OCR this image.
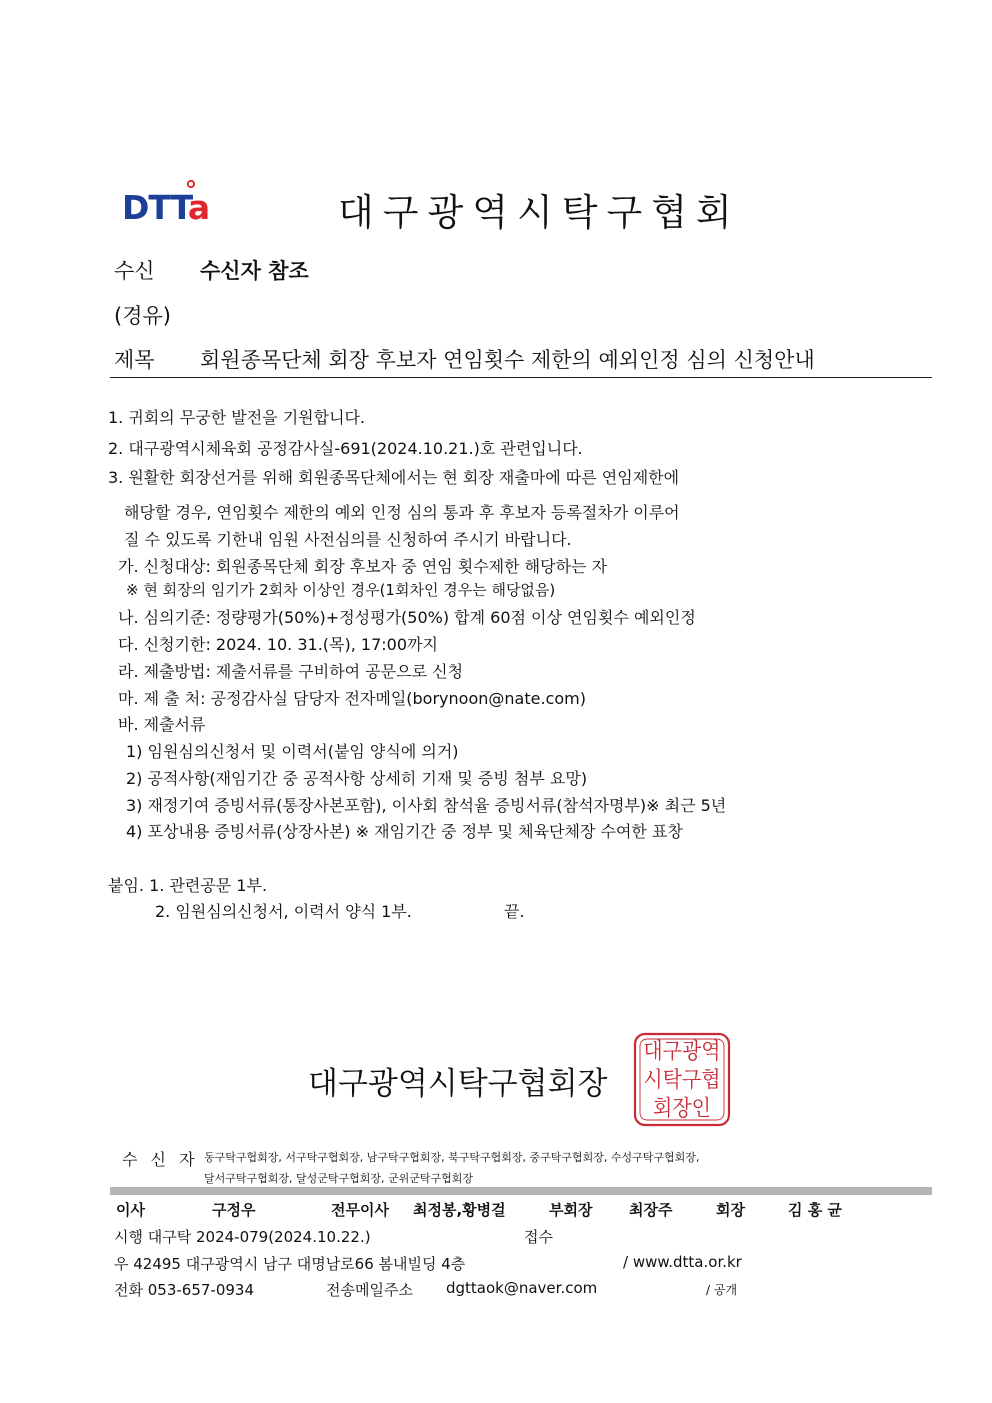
DTTa	대구광역시탁구협회
수신 수신자 참조
(경유)
제목 회원종목단체 회장 후보자 연임횟수 제한의 예외인정 심의 신청안내
1. 귀회의 무궁한 발전을 기원합니다.
2. 대구광역시체육회 공정감사실-691(2024.10.21.)호 관련입니다.
3. 원활한 회장선거를 위해 회원종목단체에서는 현 회장 재출마에 따른 연임제한에
해당할 경우, 연임횟수 제한의 예외 인정 심의 통과 후 후보자 등록절차가 이루어
질 수 있도록 기한내 임원 사전심의를 신청하여 주시기 바랍니다.
가. 신청대상: 회원종목단체 회장 후보자 중 연임 횟수제한 해당하는 자
※ 현 회장의 임기가 2회차 이상인 경우(1회차인 경우는 해당없음)
나. 심의기준: 정량평가(50%)+정성평가(50%) 합계 60점 이상 연임횟수 예외인정
다. 신청기한: 2024. 10. 31.(목), 17:00까지
라. 제출방법: 제출서류를 구비하여 공문으로 신청
마. 제 출 처: 공정감사실 담당자 전자메일(borynoon@nate.com)
바. 제출서류
1) 임원심의신청서 및 이력서(붙임 양식에 의거)
2) 공적사항(재임기간 중 공적사항 상세히 기재 및 증빙 첨부 요망)
3) 재정기여 증빙서류(통장사본포함), 이사회 참석율 증빙서류(참석자명부)※ 최근 5년
4) 포상내용 증빙서류(상장사본) ※ 재임기간 중 정부 및 체육단체장 수여한 표창
붙임. 1. 관련공문 1부.
2. 임원심의신청서, 이력서 양식 1부.	끝.
대구광역시탁구협회장
대구광역
시탁구협
회장인
수 신 자 동구탁구협회장, 서구탁구협회장, 남구탁구협회장, 북구탁구협회장, 중구탁구협회장, 수성구탁구협회장,
달서구탁구협회장, 달성군탁구협회장, 군위군탁구협회장
이사	구정우	전무이사 최정봉,황병걸	부회장 최장주	회장	김 홍 균
시행 대구탁 2024-079(2024.10.22.)	접수
우 42495 대구광역시 남구 대명남로66 봄내빌딩 4층	/ www.dtta.or.kr
전화 053-657-0934	전송메일주소 dgttaok@naver.com	/ 공개
